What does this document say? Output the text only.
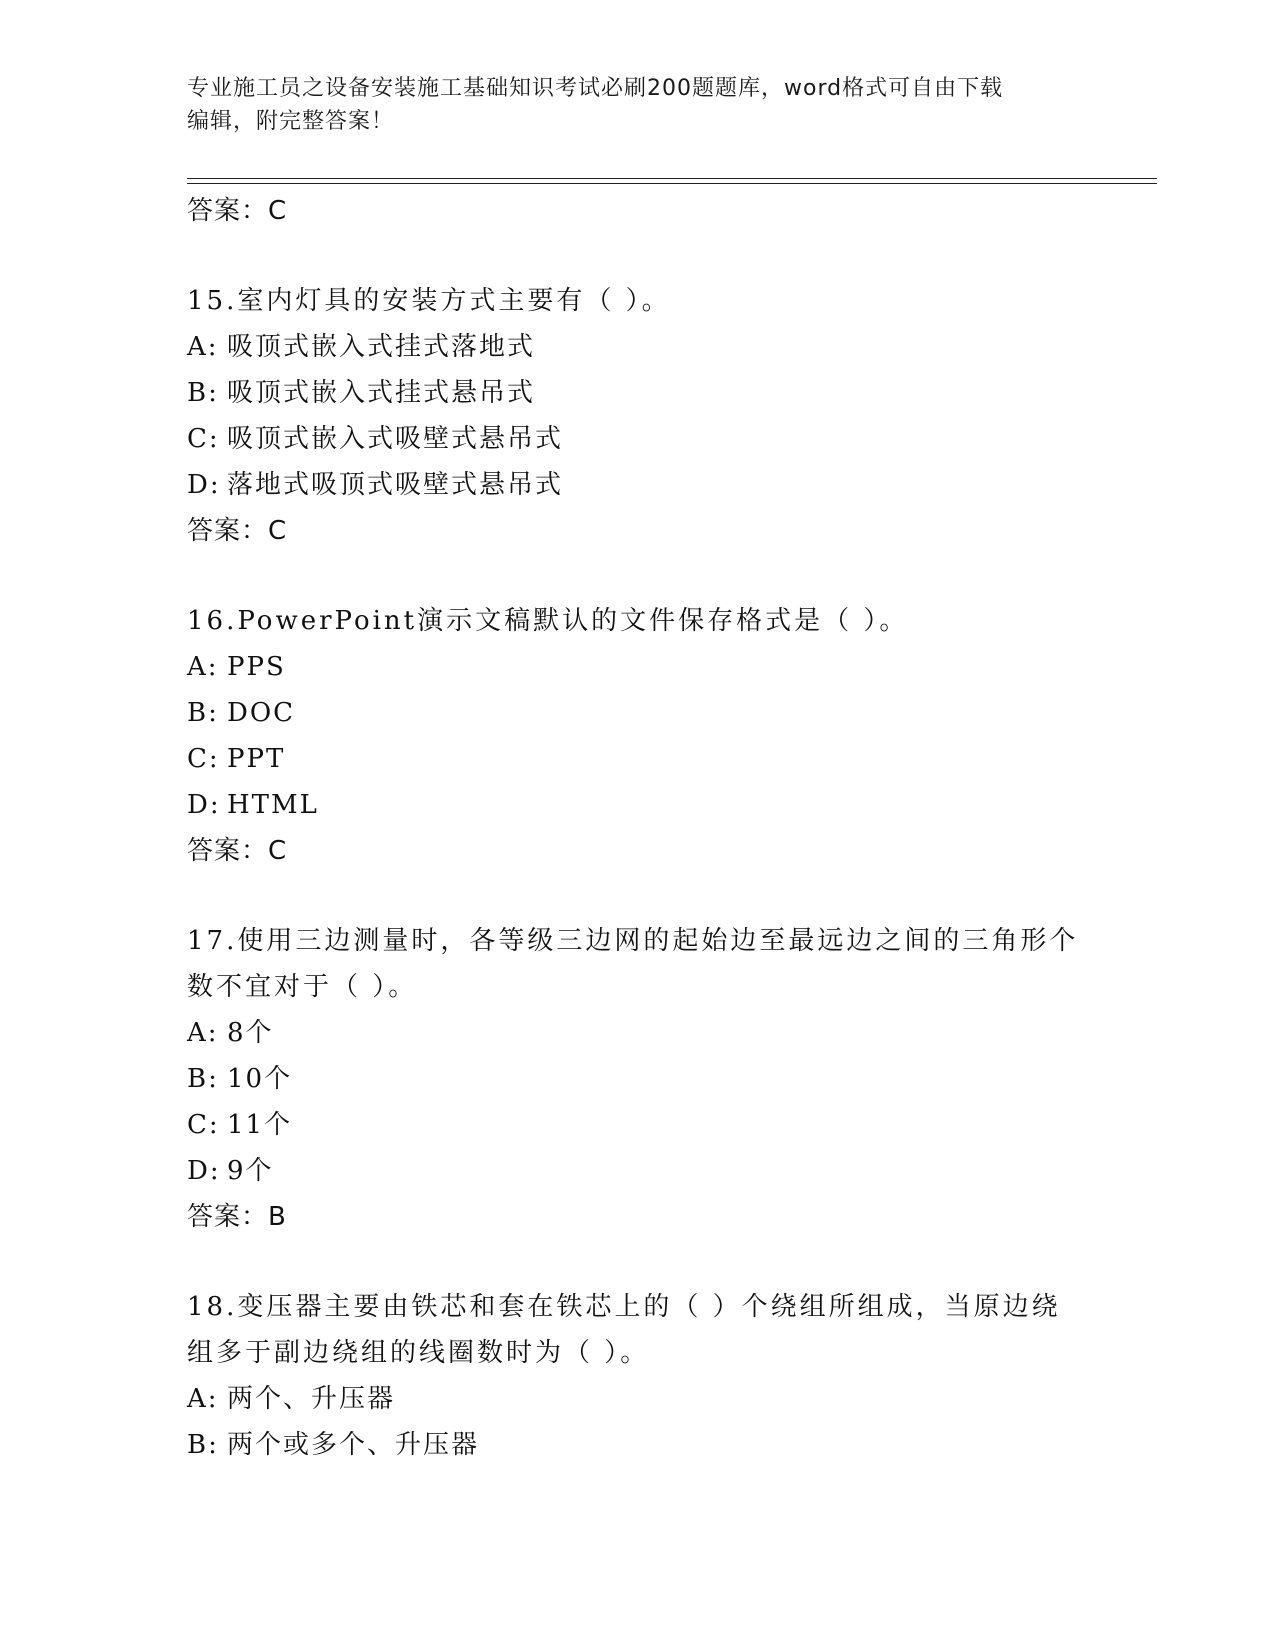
专业施工员之设备安装施工基础知识考试必刷200题题库，word格式可自由下载
编辑，附完整答案！
答案：C
15.室内灯具的安装方式主要有（ ）。
A: 吸顶式嵌入式挂式落地式
B: 吸顶式嵌入式挂式悬吊式
C: 吸顶式嵌入式吸壁式悬吊式
D: 落地式吸顶式吸壁式悬吊式
答案：C
16.PowerPoint演示文稿默认的文件保存格式是（ ）。
A: PPS
B: DOC
C: PPT
D: HTML
答案：C
17.使用三边测量时，各等级三边网的起始边至最远边之间的三角形个数不宜对于（ ）。
A: 8个
B: 10个
C: 11个
D: 9个
答案：B
18.变压器主要由铁芯和套在铁芯上的（ ）个绕组所组成，当原边绕组多于副边绕组的线圈数时为（ ）。
A: 两个、升压器
B: 两个或多个、升压器
